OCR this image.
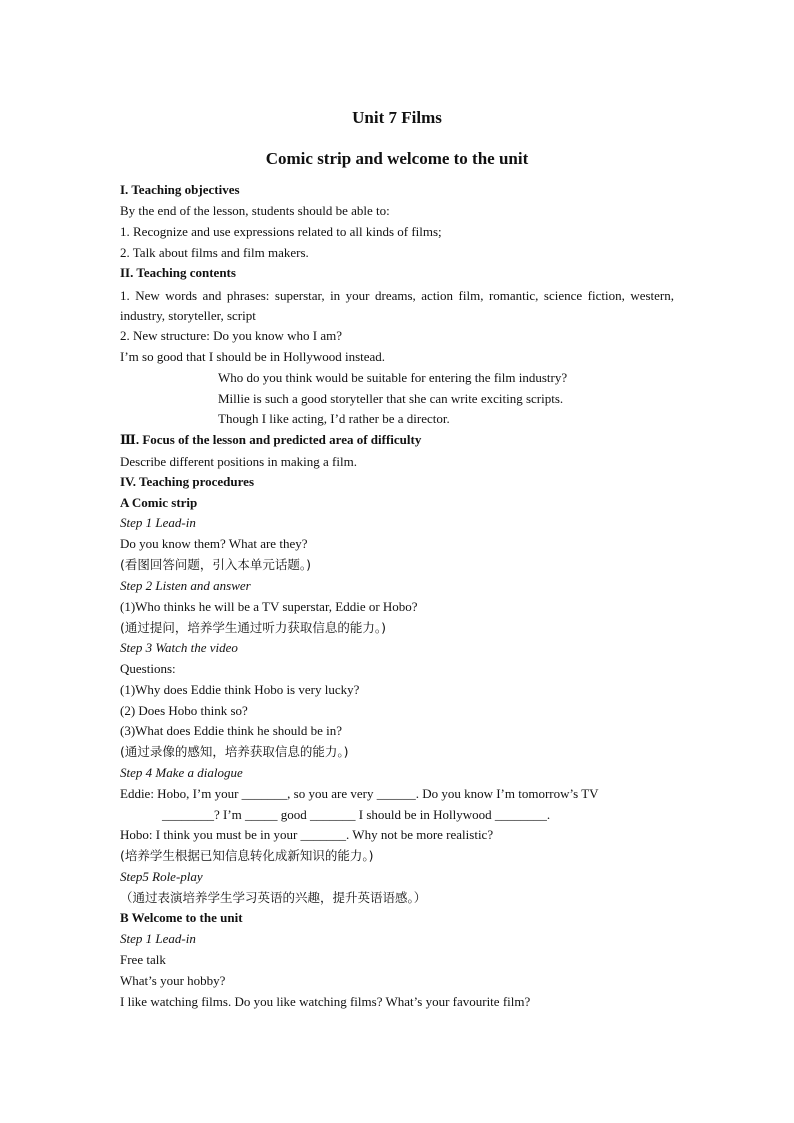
Unit 7 Films
Comic strip and welcome to the unit

I. Teaching objectives

By the end of the lesson, students should be able to:

1. Recognize and use expressions related to all kinds of films;

2. Talk about films and film makers.

II. Teaching contents

1. New words and phrases: superstar, in your dreams, action film, romantic, science fiction, western, industry, storyteller, script

2. New structure: Do you know who I am?

I’m so good that I should be in Hollywood instead.

Who do you think would be suitable for entering the film industry?

Millie is such a good storyteller that she can write exciting scripts.

Though I like acting, I’d rather be a director.

Ⅲ. Focus of the lesson and predicted area of difficulty

Describe different positions in making a film.

IV. Teaching procedures

A Comic strip

Step 1 Lead-in

Do you know them? What are they?

(看图回答问题，引入本单元话题。)

Step 2 Listen and answer

(1)Who thinks he will be a TV superstar, Eddie or Hobo?

(通过提问，培养学生通过听力获取信息的能力。)

Step 3 Watch the video

Questions:

(1)Why does Eddie think Hobo is very lucky?

(2) Does Hobo think so?

(3)What does Eddie think he should be in?

(通过录像的感知，培养获取信息的能力。)

Step 4 Make a dialogue

Eddie: Hobo, I’m your _______, so you are very ______. Do you know I’m tomorrow’s TV

________? I’m _____ good _______ I should be in Hollywood ________.

Hobo: I think you must be in your _______. Why not be more realistic?

(培养学生根据已知信息转化成新知识的能力。)

Step5 Role-play

（通过表演培养学生学习英语的兴趣，提升英语语感。）

B Welcome to the unit

Step 1 Lead-in

Free talk

What’s your hobby?

I like watching films. Do you like watching films? What’s your favourite film?
